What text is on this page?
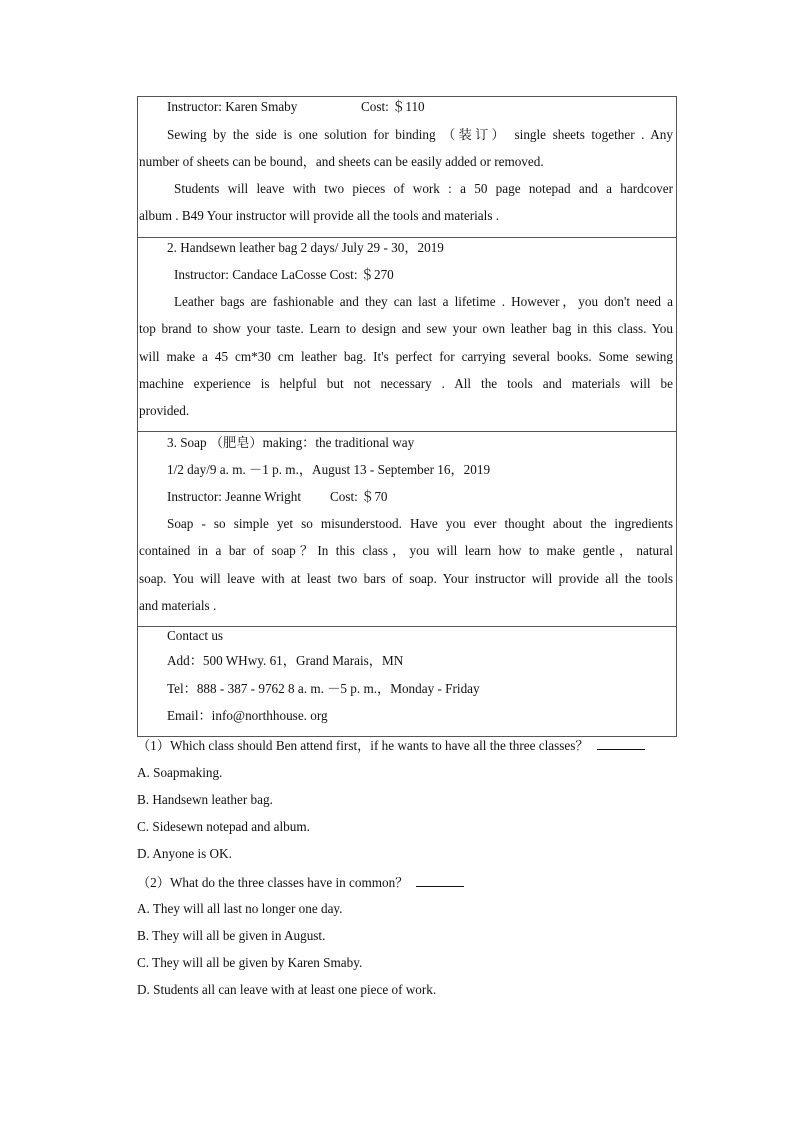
Instructor: Karen Smaby	Cost: ＄110
Sewing by the side is one solution for binding （装订） single sheets together . Any
number of sheets can be bound，and sheets can be easily added or removed.
Students will leave with two pieces of work : a 50 page notepad and a hardcover
album . B49 Your instructor will provide all the tools and materials .
2. Handsewn leather bag 2 days/ July 29 - 30，2019
Instructor: Candace LaCosse Cost: ＄270
Leather bags are fashionable and they can last a lifetime . However，you don't need a
top brand to show your taste. Learn to design and sew your own leather bag in this class. You
will make a 45 cm*30 cm leather bag. It's perfect for carrying several books. Some sewing
machine experience is helpful but not necessary . All the tools and materials will be
provided.
3. Soap （肥皂）making：the traditional way
1/2 day/9 a. m. －1 p. m.，August 13 - September 16，2019
Instructor: Jeanne Wright Cost: ＄70
Soap - so simple yet so misunderstood. Have you ever thought about the ingredients
contained in a bar of soap？In this class，you will learn how to make gentle，natural
soap. You will leave with at least two bars of soap. Your instructor will provide all the tools
and materials .
Contact us
Add：500 WHwy. 61，Grand Marais，MN
Tel：888 - 387 - 9762 8 a. m. －5 p. m.，Monday - Friday
Email：info@northhouse. org
（1）Which class should Ben attend first，if he wants to have all the three classes？
A. Soapmaking.
B. Handsewn leather bag.
C. Sidesewn notepad and album.
D. Anyone is OK.
（2）What do the three classes have in common？
A. They will all last no longer one day.
B. They will all be given in August.
C. They will all be given by Karen Smaby.
D. Students all can leave with at least one piece of work.
